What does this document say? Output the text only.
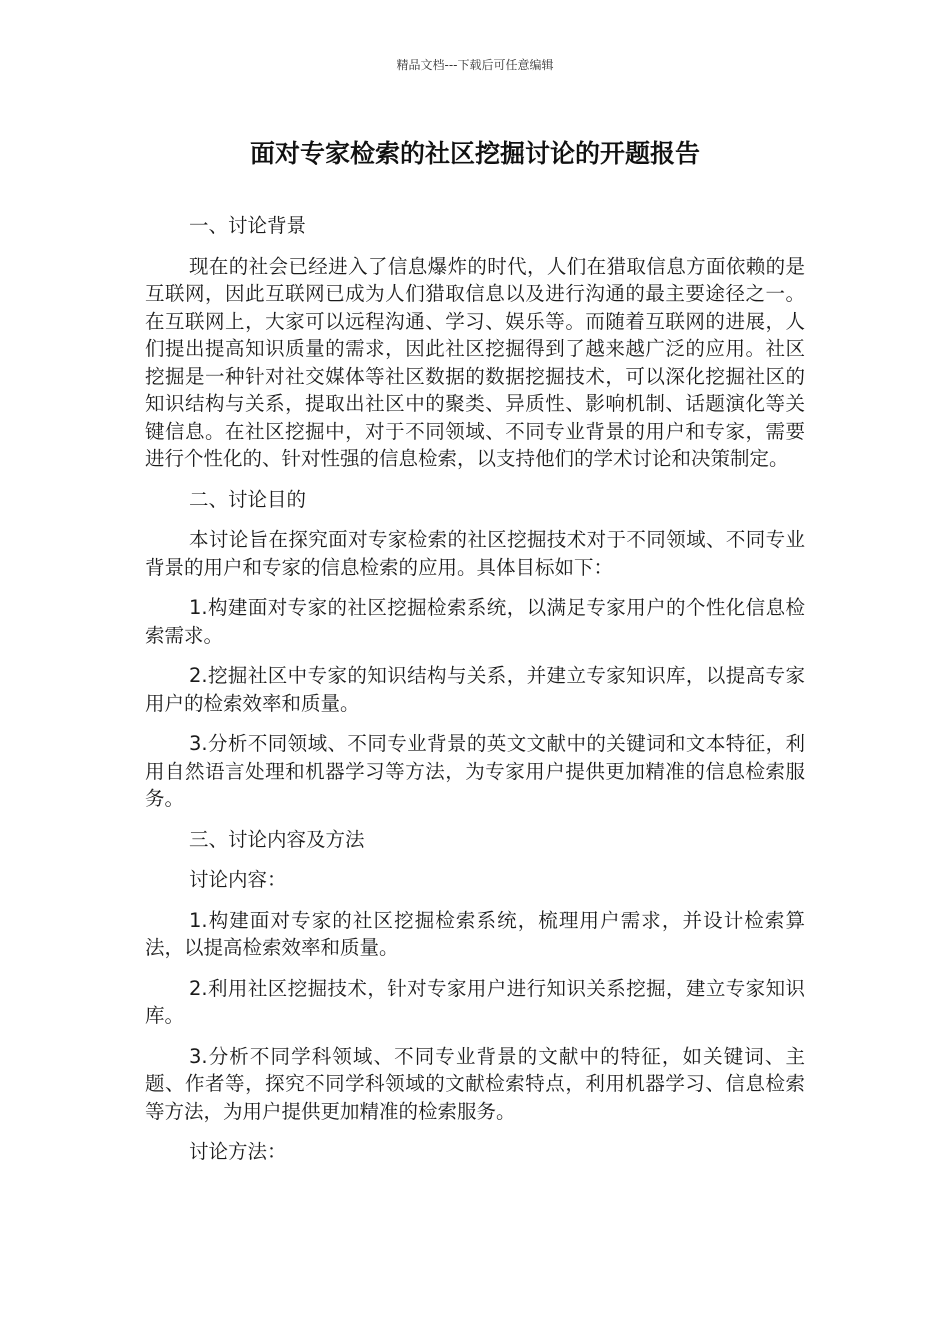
精品文档---下载后可任意编辑
面对专家检索的社区挖掘讨论的开题报告

一、讨论背景

现在的社会已经进入了信息爆炸的时代，人们在猎取信息方面依赖的是互联网，因此互联网已成为人们猎取信息以及进行沟通的最主要途径之一。在互联网上，大家可以远程沟通、学习、娱乐等。而随着互联网的进展，人们提出提高知识质量的需求，因此社区挖掘得到了越来越广泛的应用。社区挖掘是一种针对社交媒体等社区数据的数据挖掘技术，可以深化挖掘社区的知识结构与关系，提取出社区中的聚类、异质性、影响机制、话题演化等关键信息。在社区挖掘中，对于不同领域、不同专业背景的用户和专家，需要进行个性化的、针对性强的信息检索，以支持他们的学术讨论和决策制定。

二、讨论目的

本讨论旨在探究面对专家检索的社区挖掘技术对于不同领域、不同专业背景的用户和专家的信息检索的应用。具体目标如下：

1.构建面对专家的社区挖掘检索系统，以满足专家用户的个性化信息检索需求。

2.挖掘社区中专家的知识结构与关系，并建立专家知识库，以提高专家用户的检索效率和质量。

3.分析不同领域、不同专业背景的英文文献中的关键词和文本特征，利用自然语言处理和机器学习等方法，为专家用户提供更加精准的信息检索服务。

三、讨论内容及方法

讨论内容：

1.构建面对专家的社区挖掘检索系统，梳理用户需求，并设计检索算法，以提高检索效率和质量。

2.利用社区挖掘技术，针对专家用户进行知识关系挖掘，建立专家知识库。

3.分析不同学科领域、不同专业背景的文献中的特征，如关键词、主题、作者等，探究不同学科领域的文献检索特点，利用机器学习、信息检索等方法，为用户提供更加精准的检索服务。

讨论方法：
